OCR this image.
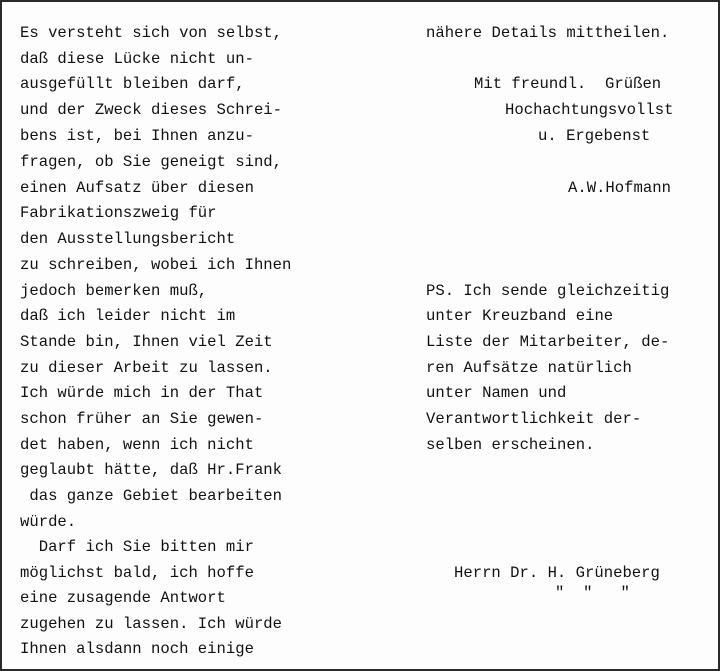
Es versteht sich von selbst,
daß diese Lücke nicht un-
ausgefüllt bleiben darf,
und der Zweck dieses Schrei-
bens ist, bei Ihnen anzu-
fragen, ob Sie geneigt sind,
einen Aufsatz über diesen
Fabrikationszweig für
den Ausstellungsbericht
zu schreiben, wobei ich Ihnen
jedoch bemerken muß,
daß ich leider nicht im
Stande bin, Ihnen viel Zeit
zu dieser Arbeit zu lassen.
Ich würde mich in der That
schon früher an Sie gewen-
det haben, wenn ich nicht
geglaubt hätte, daß Hr.Frank
das ganze Gebiet bearbeiten
würde.
Darf ich Sie bitten mir
möglichst bald, ich hoffe
eine zusagende Antwort
zugehen zu lassen. Ich würde
Ihnen alsdann noch einige
nähere Details mittheilen.
Mit freundl.  Grüßen
Hochachtungsvollst
u. Ergebenst
A.W.Hofmann
PS. Ich sende gleichzeitig
unter Kreuzband eine
Liste der Mitarbeiter, de-
ren Aufsätze natürlich
unter Namen und
Verantwortlichkeit der-
selben erscheinen.
Herrn Dr. H. Grüneberg
"  "   "
